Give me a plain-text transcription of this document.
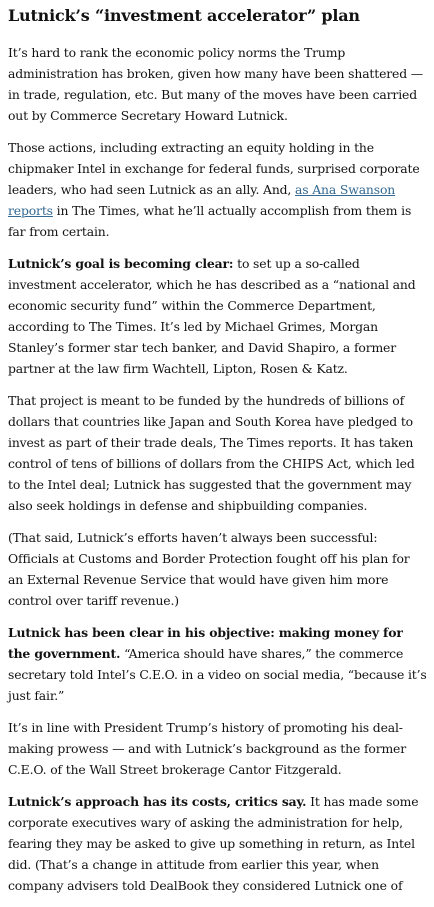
Lutnick’s “investment accelerator” plan

It’s hard to rank the economic policy norms the Trump administration has broken, given how many have been shattered — in trade, regulation, etc. But many of the moves have been carried out by Commerce Secretary Howard Lutnick.

Those actions, including extracting an equity holding in the chipmaker Intel in exchange for federal funds, surprised corporate leaders, who had seen Lutnick as an ally. And, as Ana Swanson reports in The Times, what he’ll actually accomplish from them is far from certain.

Lutnick’s goal is becoming clear: to set up a so-called investment accelerator, which he has described as a “national and economic security fund” within the Commerce Department, according to The Times. It’s led by Michael Grimes, Morgan Stanley’s former star tech banker, and David Shapiro, a former partner at the law firm Wachtell, Lipton, Rosen & Katz.

That project is meant to be funded by the hundreds of billions of dollars that countries like Japan and South Korea have pledged to invest as part of their trade deals, The Times reports. It has taken control of tens of billions of dollars from the CHIPS Act, which led to the Intel deal; Lutnick has suggested that the government may also seek holdings in defense and shipbuilding companies.

(That said, Lutnick’s efforts haven’t always been successful: Officials at Customs and Border Protection fought off his plan for an External Revenue Service that would have given him more control over tariff revenue.)

Lutnick has been clear in his objective: making money for the government. “America should have shares,” the commerce secretary told Intel’s C.E.O. in a video on social media, “because it’s just fair.”

It’s in line with President Trump’s history of promoting his deal-making prowess — and with Lutnick’s background as the former C.E.O. of the Wall Street brokerage Cantor Fitzgerald.

Lutnick’s approach has its costs, critics say. It has made some corporate executives wary of asking the administration for help, fearing they may be asked to give up something in return, as Intel did. (That’s a change in attitude from earlier this year, when company advisers told DealBook they considered Lutnick one of
